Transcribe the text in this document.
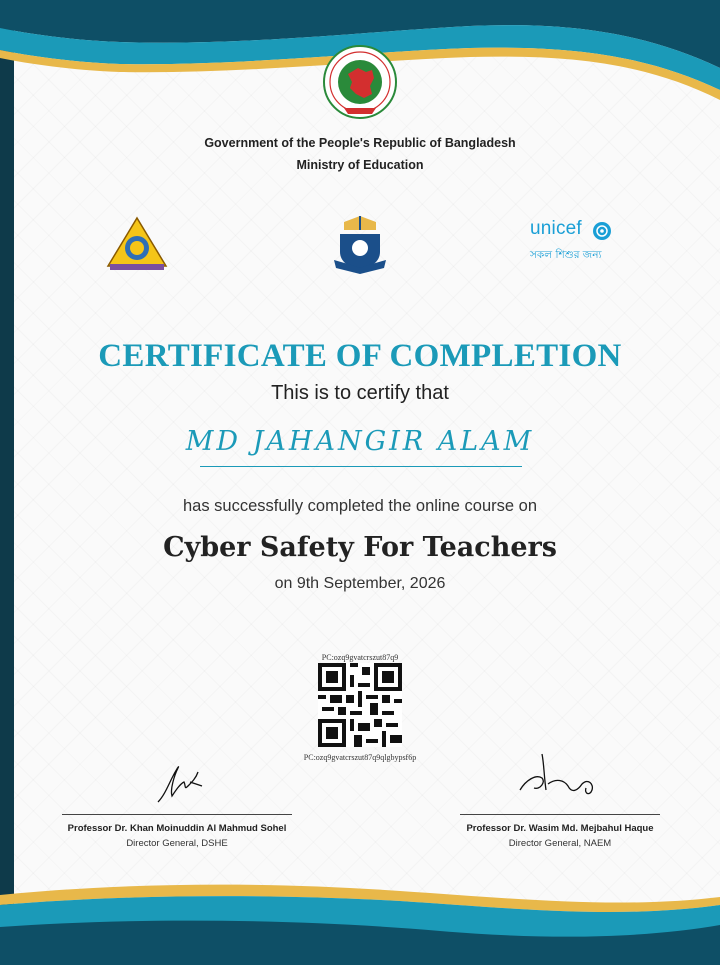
Government of the People's Republic of Bangladesh
Ministry of Education
unicef
সকল শিশুর জন্য
CERTIFICATE OF COMPLETION
This is to certify that
MD JAHANGIR ALAM
has successfully completed the online course on
Cyber Safety For Teachers
on 9th September, 2026
PC:ozq9gvatcrszut87q9
PC:ozq9gvatcrszut87q9qlgbypsf6p
Professor Dr. Khan Moinuddin Al Mahmud Sohel
Director General, DSHE
Professor Dr. Wasim Md. Mejbahul Haque
Director General, NAEM
